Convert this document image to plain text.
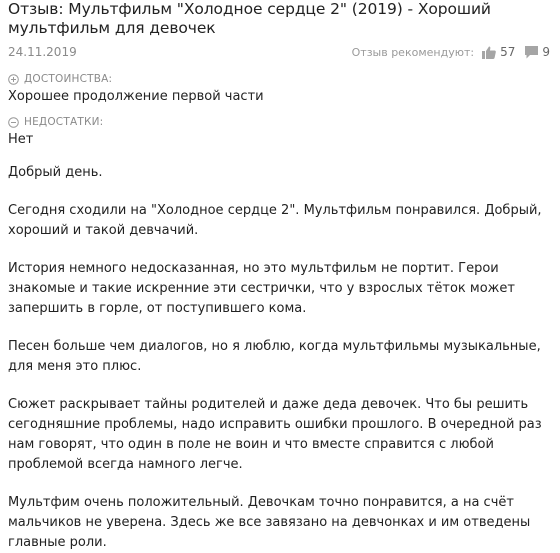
Отзыв: Мультфильм "Холодное сердце 2" (2019) - Хороший мультфильм для девочек
24.11.2019	Отзыв рекомендуют: 57 9
ДОСТОИНСТВА:
Хорошее продолжение первой части
НЕДОСТАТКИ:
Нет

Добрый день.

Сегодня сходили на "Холодное сердце 2". Мультфильм понравился. Добрый, хороший и такой девчачий.

История немного недосказанная, но это мультфильм не портит. Герои знакомые и такие искренние эти сестрички, что у взрослых тёток может запершить в горле, от поступившего кома.

Песен больше чем диалогов, но я люблю, когда мультфильмы музыкальные, для меня это плюс.

Сюжет раскрывает тайны родителей и даже деда девочек. Что бы решить сегодняшние проблемы, надо исправить ошибки прошлого. В очередной раз нам говорят, что один в поле не воин и что вместе справится с любой проблемой всегда намного легче.

Мультфим очень положительный. Девочкам точно понравится, а на счёт мальчиков не уверена. Здесь же все завязано на девчонках и им отведены главные роли.
